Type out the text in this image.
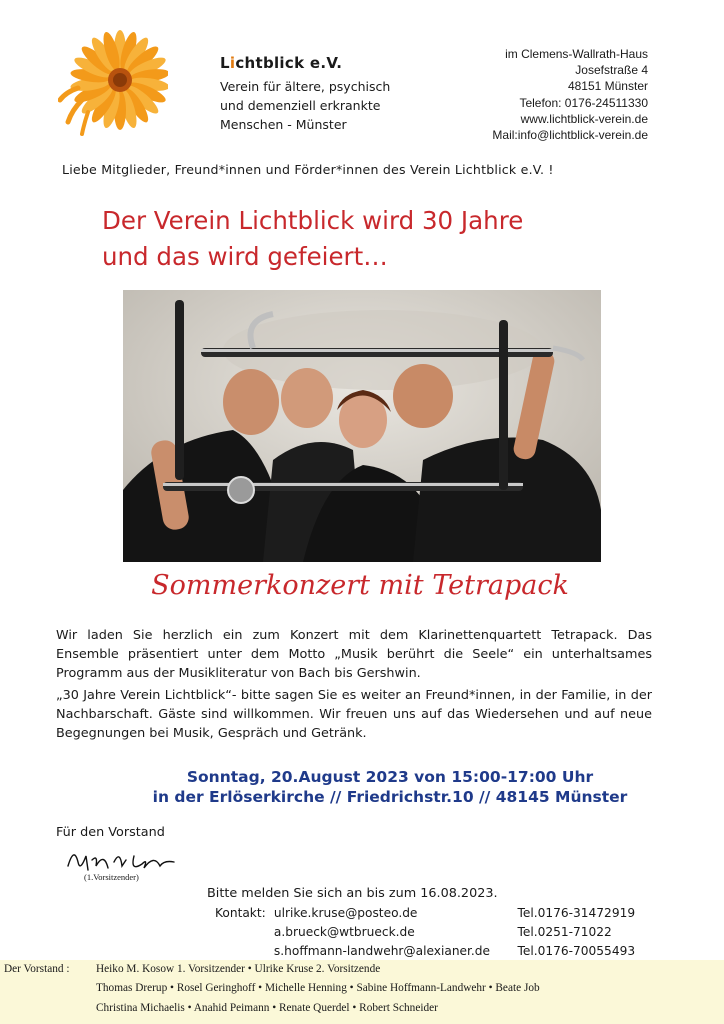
Lichtblick e.V.
Verein für ältere, psychisch
und demenziell erkrankte
Menschen - Münster
im Clemens-Wallrath-Haus
Josefstraße 4
48151 Münster
Telefon: 0176-24511330
www.lichtblick-verein.de
Mail:info@lichtblick-verein.de
Liebe Mitglieder, Freund*innen und Förder*innen des Verein Lichtblick e.V. !
Der Verein Lichtblick wird 30 Jahre
und das wird gefeiert…
Sommerkonzert mit Tetrapack
Wir laden Sie herzlich ein zum Konzert mit dem Klarinettenquartett Tetrapack. Das Ensemble präsentiert unter dem Motto „Musik berührt die Seele“ ein unterhaltsames Programm aus der Musikliteratur von Bach bis Gershwin.
„30 Jahre Verein Lichtblick“- bitte sagen Sie es weiter an Freund*innen, in der Familie, in der Nachbarschaft. Gäste sind willkommen. Wir freuen uns auf das Wiedersehen und auf neue Begegnungen bei Musik, Gespräch und Getränk.
Sonntag, 20.August 2023 von 15:00-17:00 Uhr
in der Erlöserkirche // Friedrichstr.10 // 48145 Münster
Für den Vorstand
(1.Vorsitzender)
Bitte melden Sie sich an bis zum 16.08.2023.
Kontakt: ulrike.kruse@posteo.de	Tel.0176-31472919
a.brueck@wtbrueck.de	Tel.0251-71022
s.hoffmann-landwehr@alexianer.de	Tel.0176-70055493
Der Vorstand : Heiko M. Kosow 1. Vorsitzender • Ulrike Kruse 2. Vorsitzende
Thomas Drerup • Rosel Geringhoff • Michelle Henning • Sabine Hoffmann-Landwehr • Beate Job
Christina Michaelis • Anahid Peimann • Renate Querdel • Robert Schneider
